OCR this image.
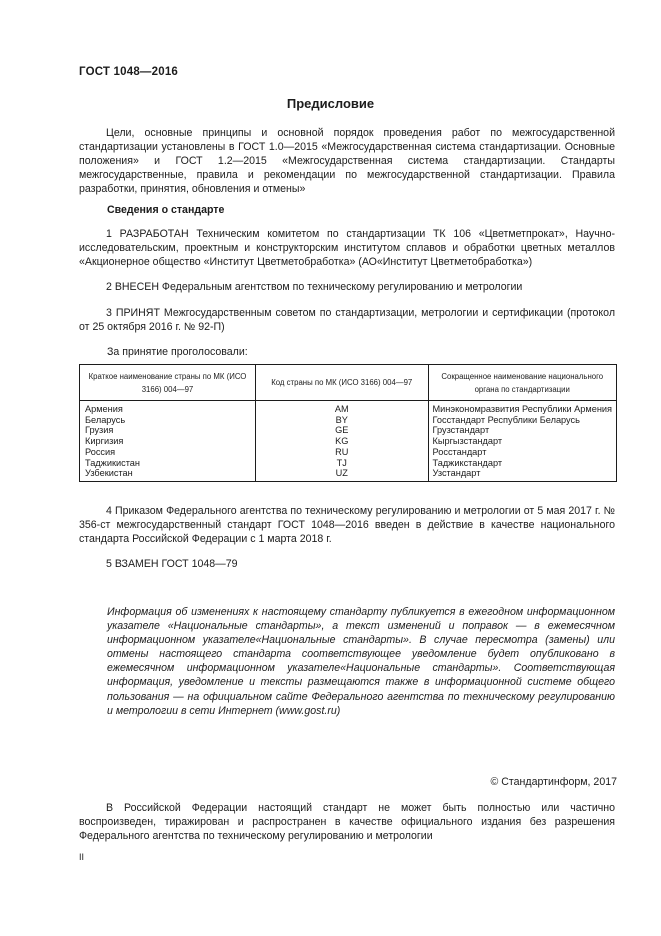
ГОСТ 1048—2016
Предисловие
Цели, основные принципы и основной порядок проведения работ по межгосударственной стандартизации установлены в ГОСТ 1.0—2015 «Межгосударственная система стандартизации. Основные положения» и ГОСТ 1.2—2015 «Межгосударственная система стандартизации. Стандарты межгосударственные, правила и рекомендации по межгосударственной стандартизации. Правила разработки, принятия, обновления и отмены»
Сведения о стандарте
1 РАЗРАБОТАН Техническим комитетом по стандартизации ТК 106 «Цветметпрокат», Научно-исследовательским, проектным и конструкторским институтом сплавов и обработки цветных металлов «Акционерное общество «Институт Цветметобработка» (АО«Институт Цветметобработка»)
2 ВНЕСЕН Федеральным агентством по техническому регулированию и метрологии
3 ПРИНЯТ Межгосударственным советом по стандартизации, метрологии и сертификации (протокол от 25 октября 2016 г. № 92-П)
За принятие проголосовали:
Краткое наименование страны по МК (ИСО 3166) 004—97	Код страны по МК (ИСО 3166) 004—97	Сокращенное наименование национального органа по стандартизации
Армения	AM	Минэкономразвития Республики Армения
Беларусь	BY	Госстандарт Республики Беларусь
Грузия	GE	Грузстандарт
Киргизия	KG	Кыргызстандарт
Россия	RU	Росстандарт
Таджикистан	TJ	Таджикстандарт
Узбекистан	UZ	Узстандарт
4 Приказом Федерального агентства по техническому регулированию и метрологии от 5 мая 2017 г. № 356-ст межгосударственный стандарт ГОСТ 1048—2016 введен в действие в качестве национального стандарта Российской Федерации с 1 марта 2018 г.
5 ВЗАМЕН ГОСТ 1048—79
Информация об изменениях к настоящему стандарту публикуется в ежегодном информационном указателе «Национальные стандарты», а текст изменений и поправок — в ежемесячном информационном указателе«Национальные стандарты». В случае пересмотра (замены) или отмены настоящего стандарта соответствующее уведомление будет опубликовано в ежемесячном информационном указателе«Национальные стандарты». Соответствующая информация, уведомление и тексты размещаются также в информационной системе общего пользования — на официальном сайте Федерального агентства по техническому регулированию и метрологии в сети Интернет (www.gost.ru)
© Стандартинформ, 2017
В Российской Федерации настоящий стандарт не может быть полностью или частично воспроизведен, тиражирован и распространен в качестве официального издания без разрешения Федерального агентства по техническому регулированию и метрологии
II
